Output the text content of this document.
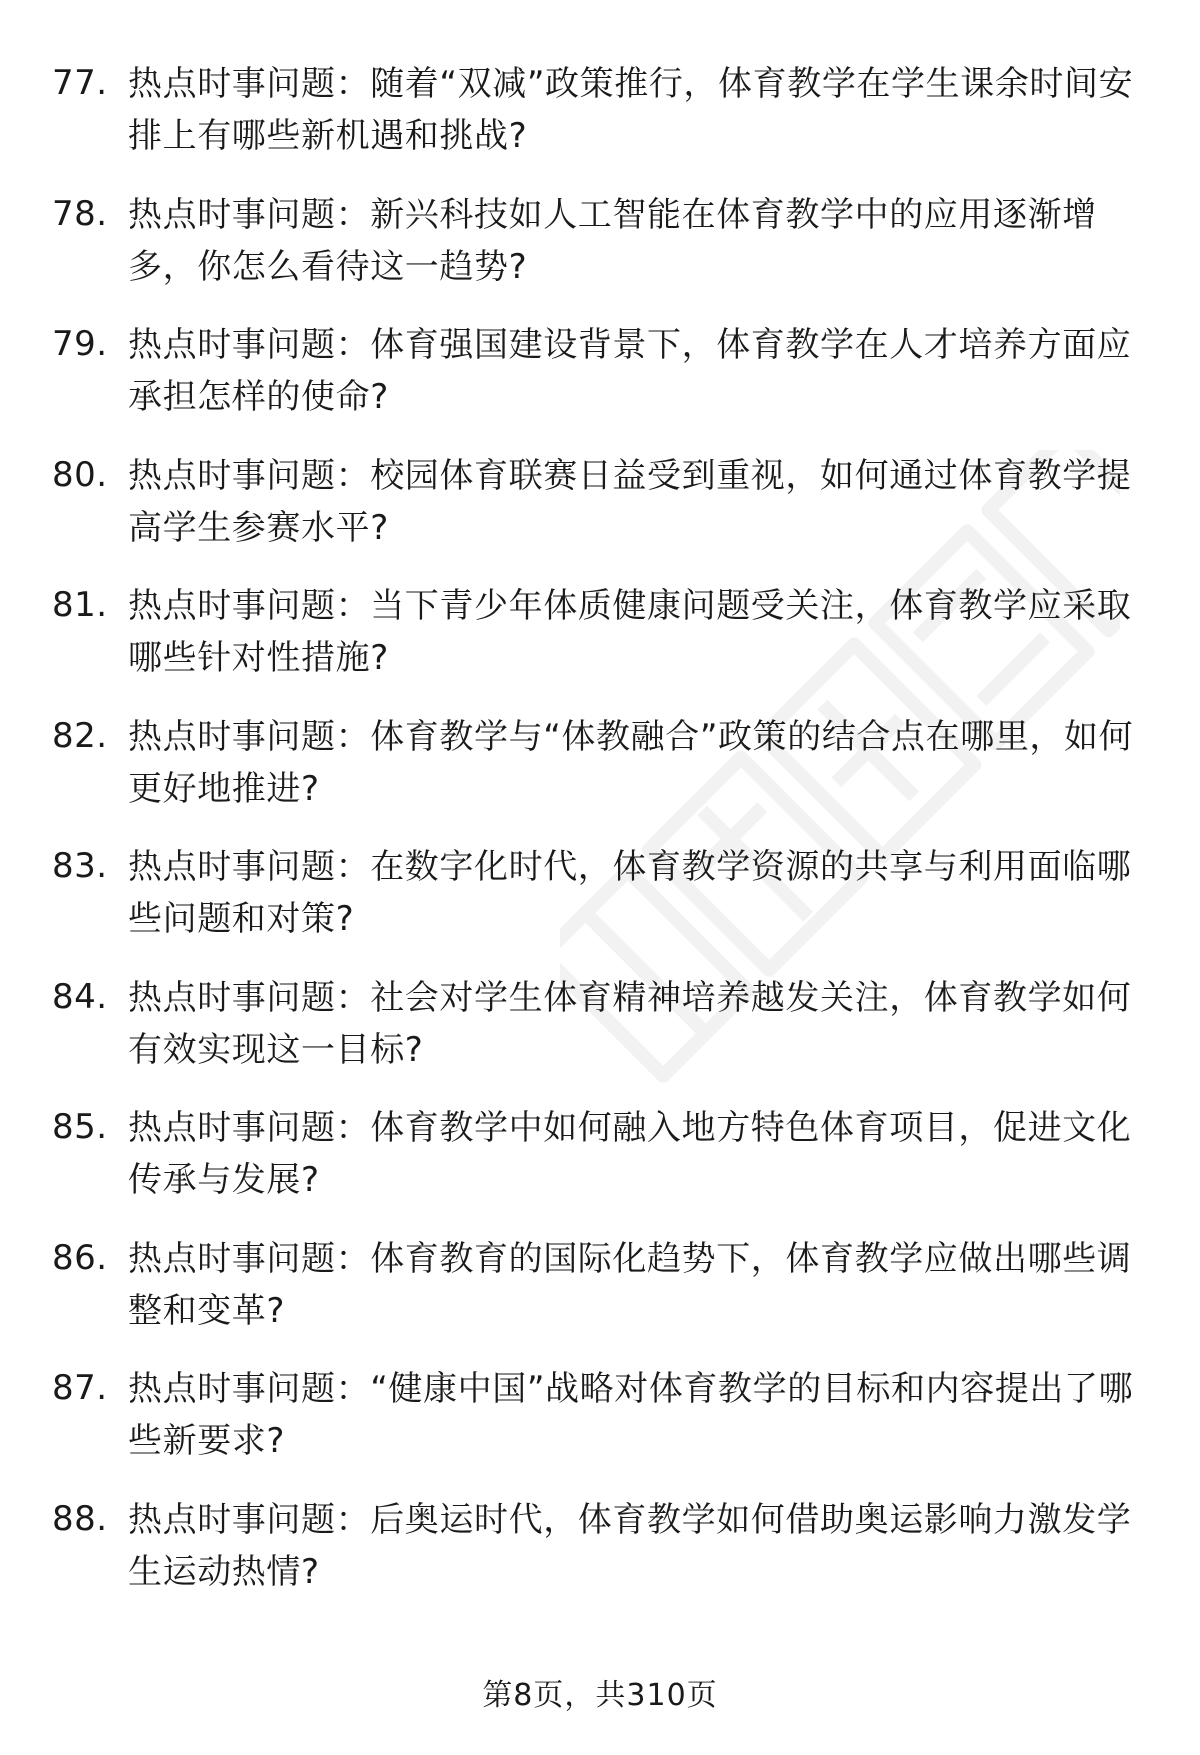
77. 热点时事问题：随着“双减”政策推行，体育教学在学生课余时间安排上有哪些新机遇和挑战?
78. 热点时事问题：新兴科技如人工智能在体育教学中的应用逐渐增多，你怎么看待这一趋势?
79. 热点时事问题：体育强国建设背景下，体育教学在人才培养方面应承担怎样的使命?
80. 热点时事问题：校园体育联赛日益受到重视，如何通过体育教学提高学生参赛水平?
81. 热点时事问题：当下青少年体质健康问题受关注，体育教学应采取哪些针对性措施?
82. 热点时事问题：体育教学与“体教融合”政策的结合点在哪里，如何更好地推进?
83. 热点时事问题：在数字化时代，体育教学资源的共享与利用面临哪些问题和对策?
84. 热点时事问题：社会对学生体育精神培养越发关注，体育教学如何有效实现这一目标?
85. 热点时事问题：体育教学中如何融入地方特色体育项目，促进文化传承与发展?
86. 热点时事问题：体育教育的国际化趋势下，体育教学应做出哪些调整和变革?
87. 热点时事问题：“健康中国”战略对体育教学的目标和内容提出了哪些新要求?
88. 热点时事问题：后奥运时代，体育教学如何借助奥运影响力激发学生运动热情?
第8页，共310页
